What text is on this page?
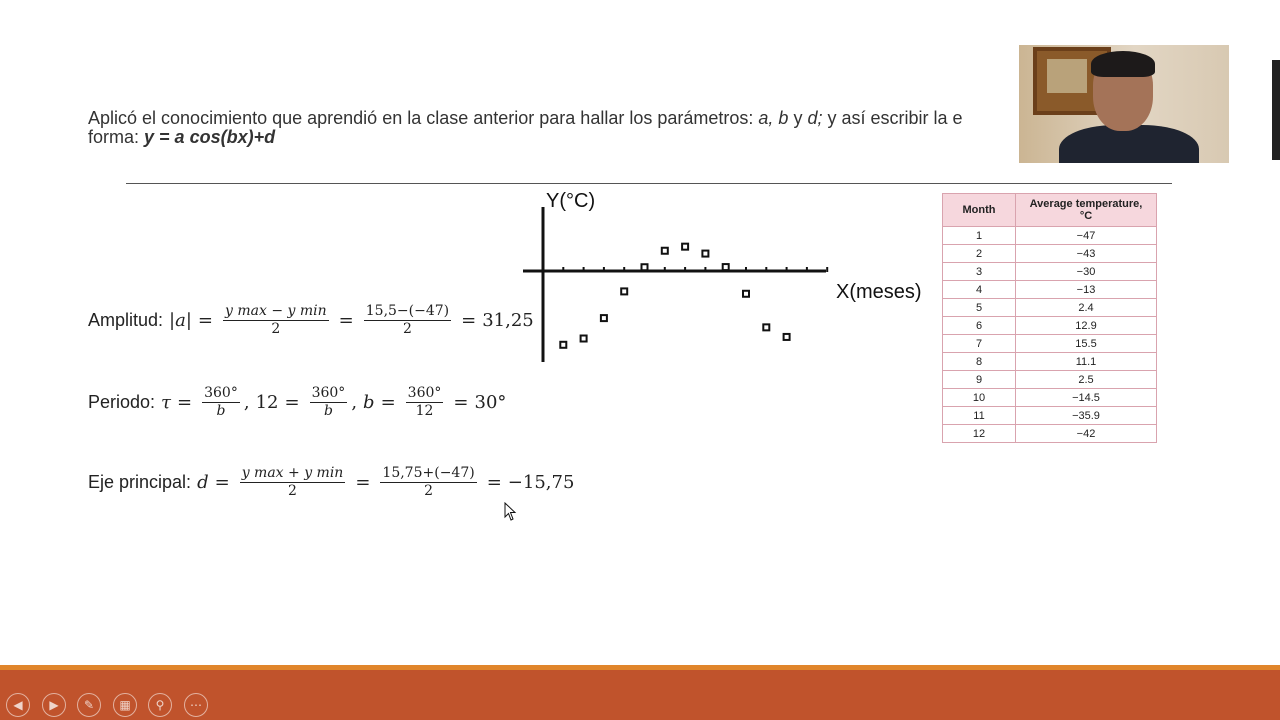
Aplicó el conocimiento que aprendió en la clase anterior para hallar los parámetros: a, b y d; y así escribir la e
forma: y = a cos(bx)+d
Amplitud: $|a| = \frac{\text{y max − y min}}{2} = \frac{15,5-(-47)}{2} = 31,25$
Periodo: $\tau = \frac{360^\circ}{b}$ , $12 = \frac{360^\circ}{b}$ , $b = \frac{360^\circ}{12} = 30^\circ$
Eje principal: $d = \frac{\text{y max + y min}}{2} = \frac{15,75+(-47)}{2} = -15,75$
Y(°C)
X(meses)
Month	Average temperature, °C
1	−47
2	−43
3	−30
4	−13
5	2.4
6	12.9
7	15.5
8	11.1
9	2.5
10	−14.5
11	−35.9
12	−42
◀	▶	✎	▦	⚲	⋯
